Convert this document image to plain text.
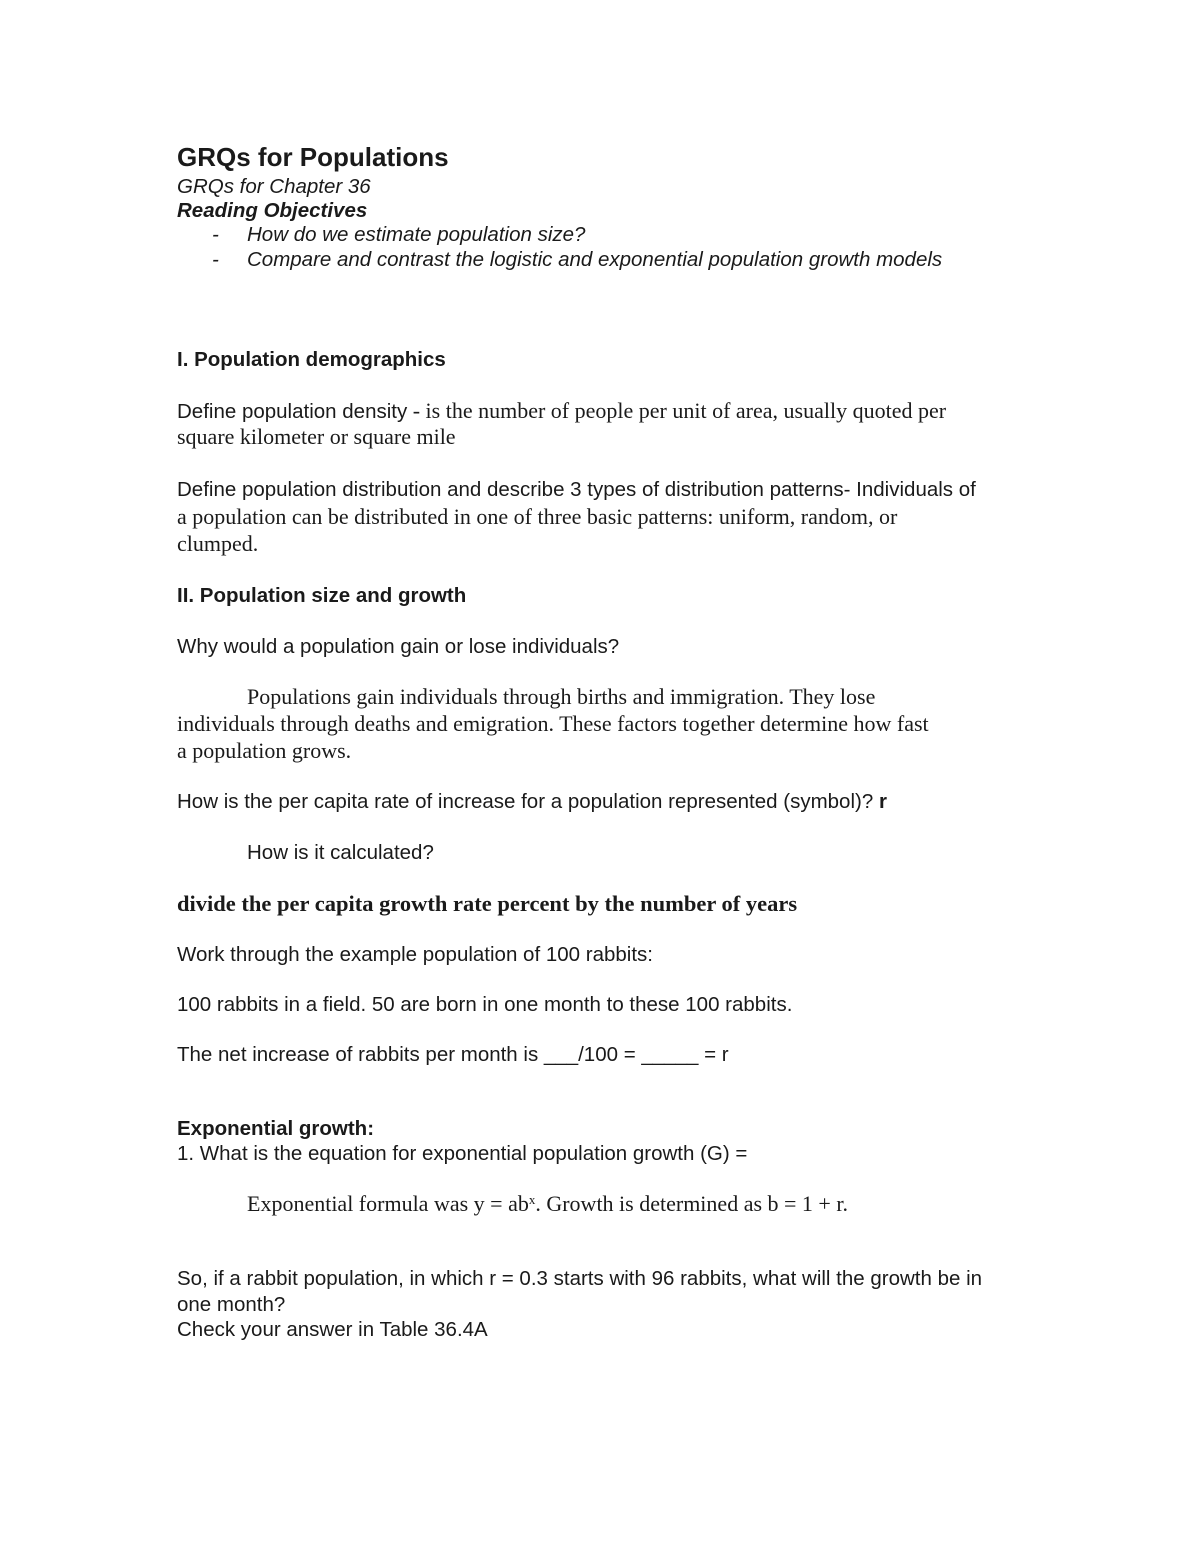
GRQs for Populations
GRQs for Chapter 36
Reading Objectives
- How do we estimate population size?
- Compare and contrast the logistic and exponential population growth models
I. Population demographics
Define population density - is the number of people per unit of area, usually quoted per
square kilometer or square mile
Define population distribution and describe 3 types of distribution patterns- Individuals of
a population can be distributed in one of three basic patterns: uniform, random, or
clumped.
II. Population size and growth
Why would a population gain or lose individuals?
Populations gain individuals through births and immigration. They lose
individuals through deaths and emigration. These factors together determine how fast
a population grows.
How is the per capita rate of increase for a population represented (symbol)? r
How is it calculated?
divide the per capita growth rate percent by the number of years
Work through the example population of 100 rabbits:
100 rabbits in a field. 50 are born in one month to these 100 rabbits.
The net increase of rabbits per month is ___/100 = _____ = r
Exponential growth:
1. What is the equation for exponential population growth (G) =
Exponential formula was $y = ab^x$. Growth is determined as b = 1 + r.
So, if a rabbit population, in which r = 0.3 starts with 96 rabbits, what will the growth be in
one month?
Check your answer in Table 36.4A
